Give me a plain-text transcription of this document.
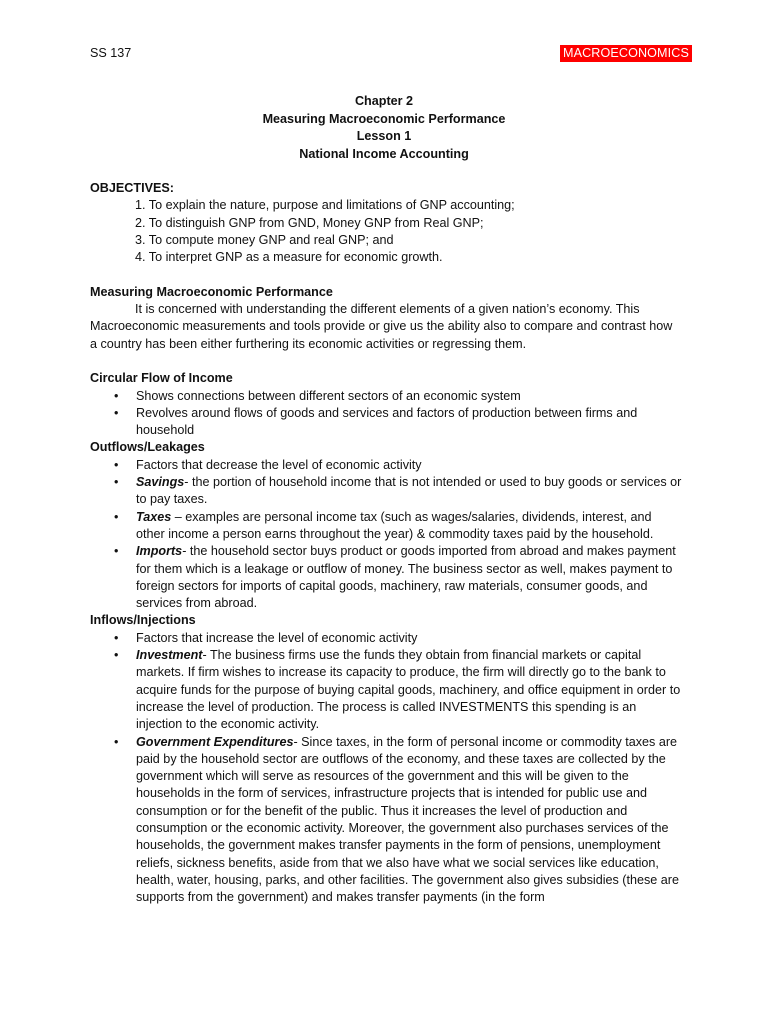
SS 137	MACROECONOMICS
Chapter 2
Measuring Macroeconomic Performance
Lesson 1
National Income Accounting
OBJECTIVES:
1. To explain the nature, purpose and limitations of GNP accounting;
2. To distinguish GNP from GND, Money GNP from Real GNP;
3. To compute money GNP and real GNP; and
4. To interpret GNP as a measure for economic growth.
Measuring Macroeconomic Performance
It is concerned with understanding the different elements of a given nation’s economy. This Macroeconomic measurements and tools provide or give us the ability also to compare and contrast how a country has been either furthering its economic activities or regressing them.
Circular Flow of Income
• Shows connections between different sectors of an economic system
• Revolves around flows of goods and services and factors of production between firms and household
Outflows/Leakages
• Factors that decrease the level of economic activity
• Savings- the portion of household income that is not intended or used to buy goods or services or to pay taxes.
• Taxes – examples are personal income tax (such as wages/salaries, dividends, interest, and other income a person earns throughout the year) & commodity taxes paid by the household.
• Imports- the household sector buys product or goods imported from abroad and makes payment for them which is a leakage or outflow of money. The business sector as well, makes payment to foreign sectors for imports of capital goods, machinery, raw materials, consumer goods, and services from abroad.
Inflows/Injections
• Factors that increase the level of economic activity
• Investment- The business firms use the funds they obtain from financial markets or capital markets. If firm wishes to increase its capacity to produce, the firm will directly go to the bank to acquire funds for the purpose of buying capital goods, machinery, and office equipment in order to increase the level of production. The process is called INVESTMENTS this spending is an injection to the economic activity.
• Government Expenditures- Since taxes, in the form of personal income or commodity taxes are paid by the household sector are outflows of the economy, and these taxes are collected by the government which will serve as resources of the government and this will be given to the households in the form of services, infrastructure projects that is intended for public use and consumption or for the benefit of the public. Thus it increases the level of production and consumption or the economic activity. Moreover, the government also purchases services of the households, the government makes transfer payments in the form of pensions, unemployment reliefs, sickness benefits, aside from that we also have what we social services like education, health, water, housing, parks, and other facilities. The government also gives subsidies (these are supports from the government) and makes transfer payments (in the form
